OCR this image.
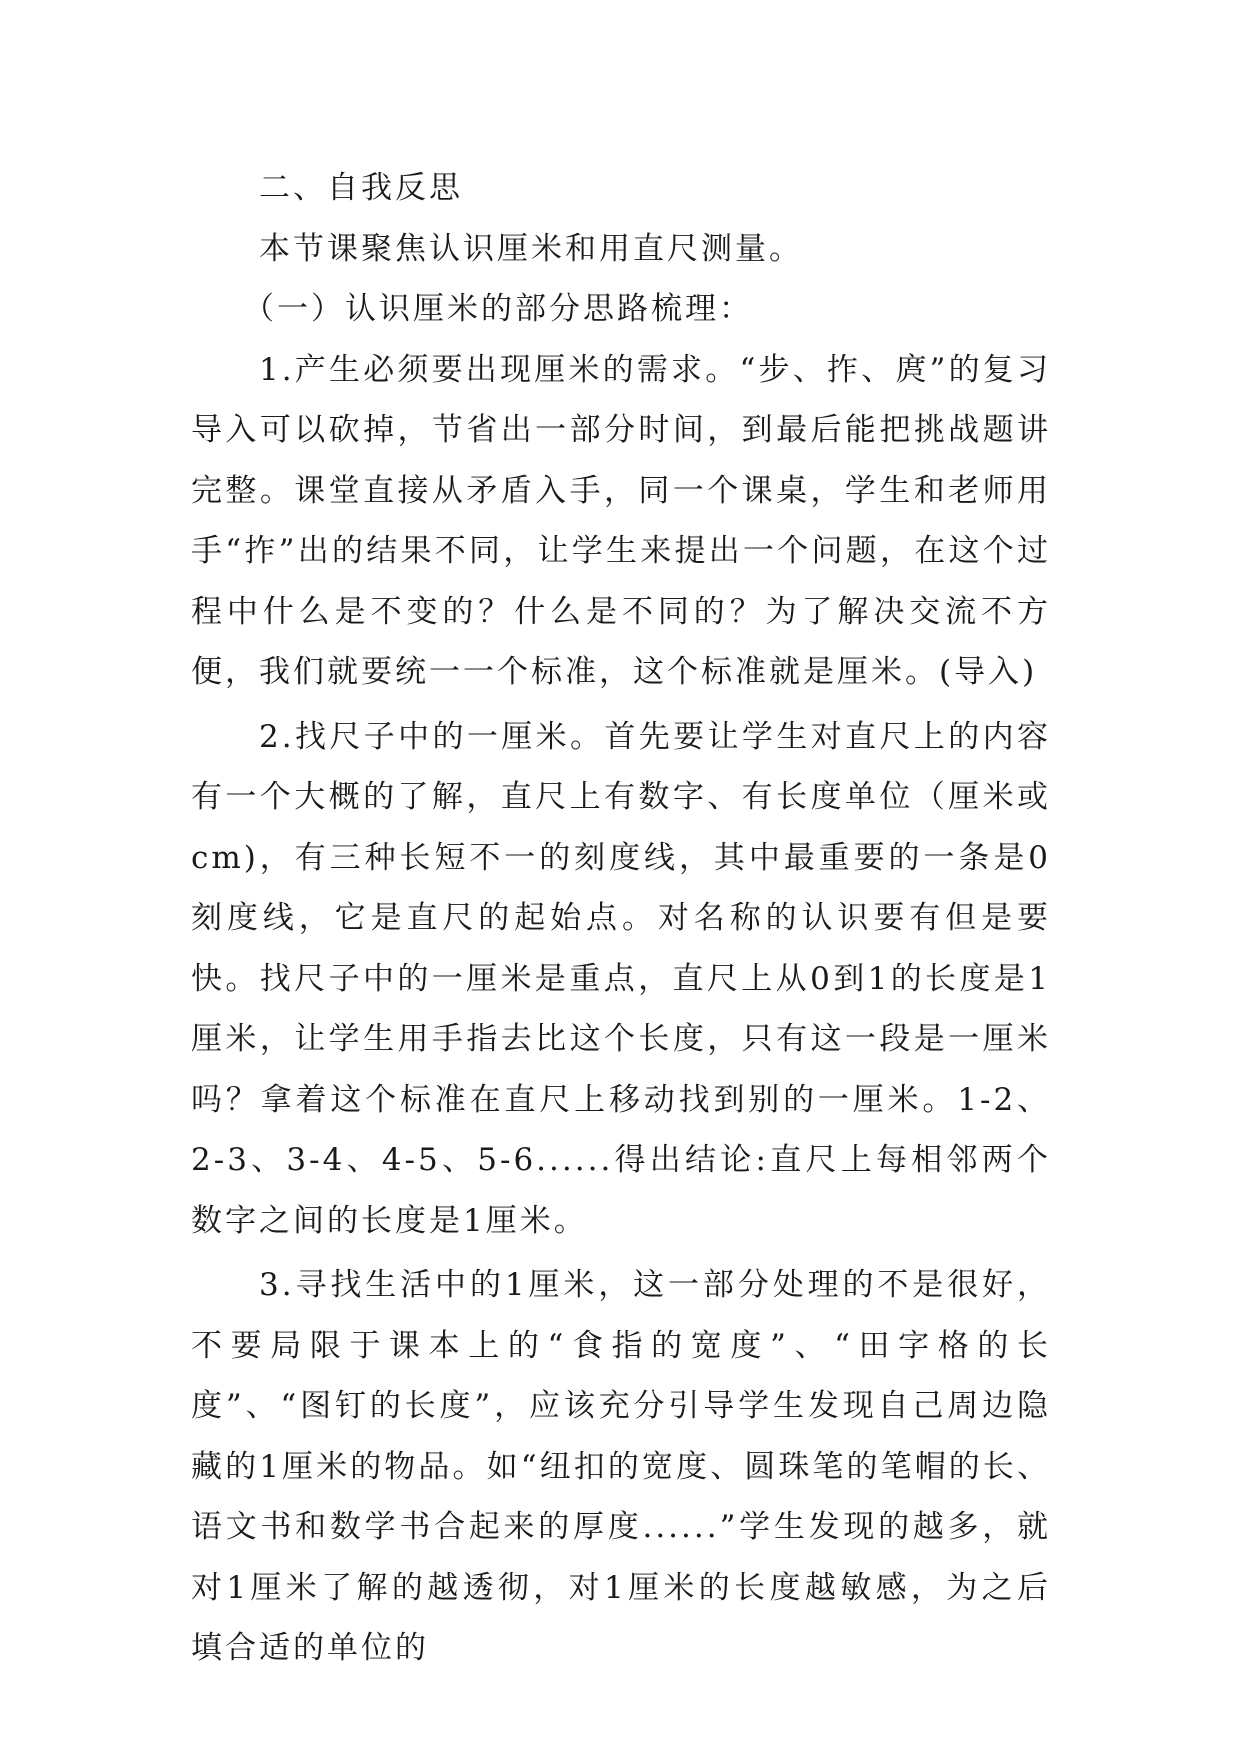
二、自我反思

本节课聚焦认识厘米和用直尺测量。

（一）认识厘米的部分思路梳理：

1.产生必须要出现厘米的需求。“步、拃、庹”的复习导入可以砍掉，节省出一部分时间，到最后能把挑战题讲完整。课堂直接从矛盾入手，同一个课桌，学生和老师用手“拃”出的结果不同，让学生来提出一个问题，在这个过程中什么是不变的？什么是不同的？为了解决交流不方便，我们就要统一一个标准，这个标准就是厘米。(导入)

2.找尺子中的一厘米。首先要让学生对直尺上的内容有一个大概的了解，直尺上有数字、有长度单位（厘米或cm)，有三种长短不一的刻度线，其中最重要的一条是0刻度线，它是直尺的起始点。对名称的认识要有但是要快。找尺子中的一厘米是重点，直尺上从0到1的长度是1厘米，让学生用手指去比这个长度，只有这一段是一厘米吗？拿着这个标准在直尺上移动找到别的一厘米。1-2、2-3、3-4、4-5、5-6......得出结论:直尺上每相邻两个数字之间的长度是1厘米。

3.寻找生活中的1厘米，这一部分处理的不是很好，不要局限于课本上的“食指的宽度”、“田字格的长度”、“图钉的长度”，应该充分引导学生发现自己周边隐藏的1厘米的物品。如“纽扣的宽度、圆珠笔的笔帽的长、语文书和数学书合起来的厚度......”学生发现的越多，就对1厘米了解的越透彻，对1厘米的长度越敏感，为之后填合适的单位的
